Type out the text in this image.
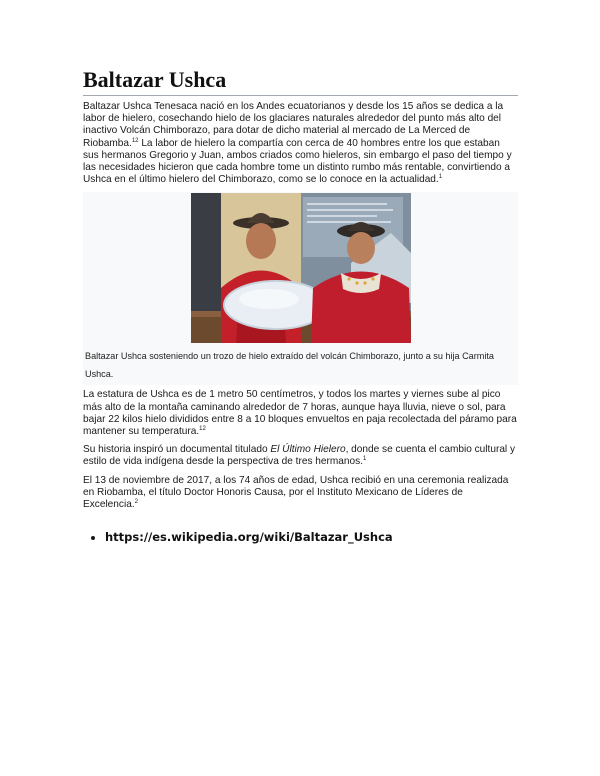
Baltazar Ushca

Baltazar Ushca Tenesaca nació en los Andes ecuatorianos y desde los 15 años se dedica a la labor de hielero, cosechando hielo de los glaciares naturales alrededor del punto más alto del inactivo Volcán Chimborazo, para dotar de dicho material al mercado de La Merced de Riobamba.$^{12}$ La labor de hielero la compartía con cerca de 40 hombres entre los que estaban sus hermanos Gregorio y Juan, ambos criados como hieleros, sin embargo el paso del tiempo y las necesidades hicieron que cada hombre tome un distinto rumbo más rentable, convirtiendo a Ushca en el último hielero del Chimborazo, como se lo conoce en la actualidad.$^1$

Baltazar Ushca sosteniendo un trozo de hielo extraído del volcán Chimborazo, junto a su hija Carmita Ushca.

La estatura de Ushca es de 1 metro 50 centímetros, y todos los martes y viernes sube al pico más alto de la montaña caminando alrededor de 7 horas, aunque haya lluvia, nieve o sol, para bajar 22 kilos hielo divididos entre 8 a 10 bloques envueltos en paja recolectada del páramo para mantener su temperatura.$^{12}$

Su historia inspiró un documental titulado El Último Hielero, donde se cuenta el cambio cultural y estilo de vida indígena desde la perspectiva de tres hermanos.$^1$

El 13 de noviembre de 2017, a los 74 años de edad, Ushca recibió en una ceremonia realizada en Riobamba, el título Doctor Honoris Causa, por el Instituto Mexicano de Líderes de Excelencia.$^2$

• https://es.wikipedia.org/wiki/Baltazar_Ushca
